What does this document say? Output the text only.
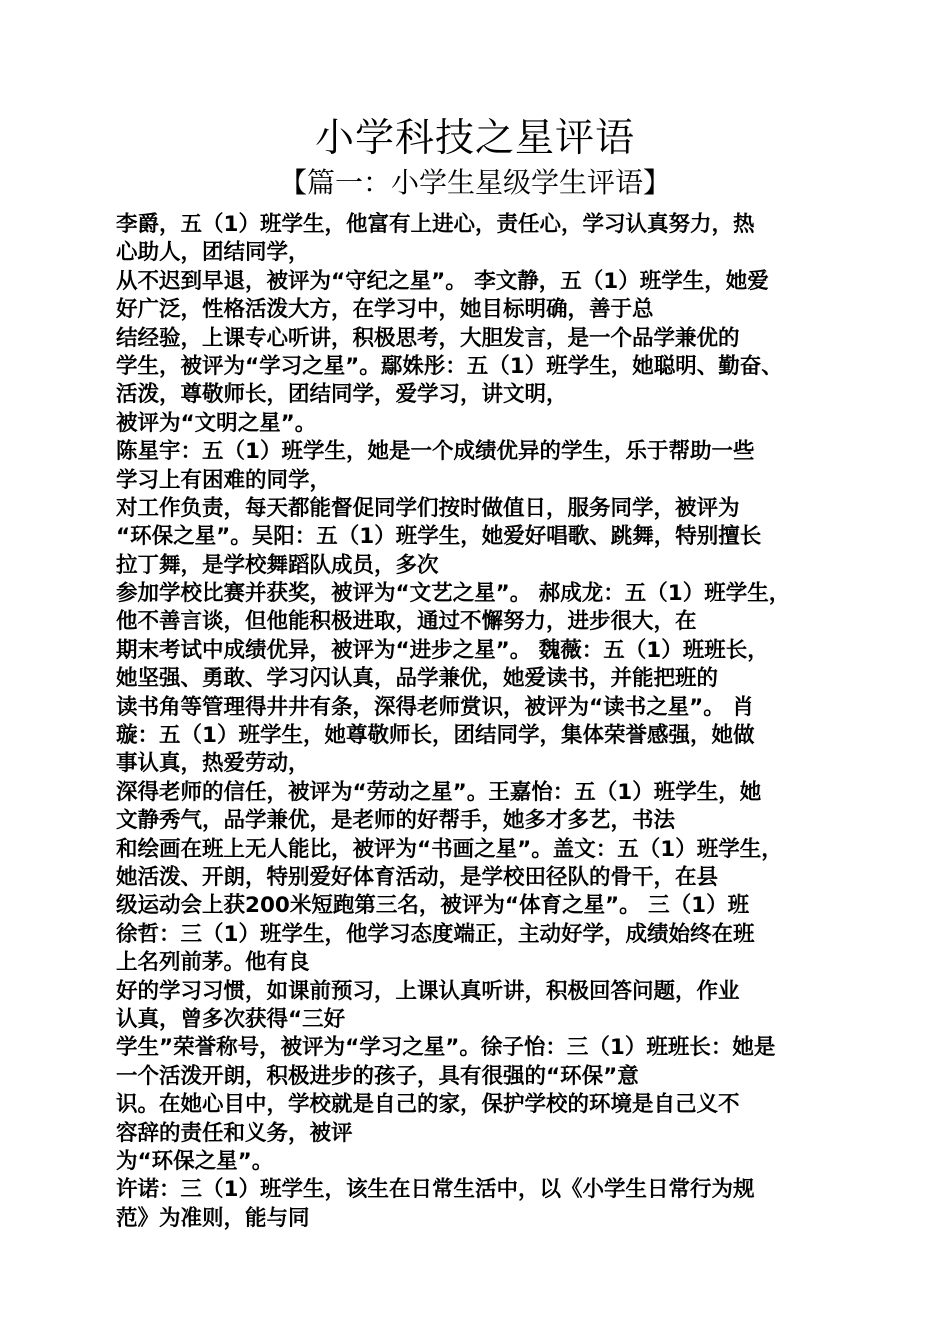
小学科技之星评语
【篇一：小学生星级学生评语】
李爵，五（1）班学生，他富有上进心，责任心，学习认真努力，热
心助人，团结同学，
从不迟到早退，被评为“守纪之星”。 李文静，五（1）班学生，她爱
好广泛，性格活泼大方，在学习中，她目标明确，善于总
结经验，上课专心听讲，积极思考，大胆发言，是一个品学兼优的
学生，被评为“学习之星”。鄢姝彤：五（1）班学生，她聪明、勤奋、
活泼，尊敬师长，团结同学，爱学习，讲文明，
被评为“文明之星”。
陈星宇：五（1）班学生，她是一个成绩优异的学生，乐于帮助一些
学习上有困难的同学，
对工作负责，每天都能督促同学们按时做值日，服务同学，被评为
“环保之星”。吴阳：五（1）班学生，她爱好唱歌、跳舞，特别擅长
拉丁舞，是学校舞蹈队成员，多次
参加学校比赛并获奖，被评为“文艺之星”。 郝成龙：五（1）班学生，
他不善言谈，但他能积极进取，通过不懈努力，进步很大，在
期末考试中成绩优异，被评为“进步之星”。 魏薇：五（1）班班长，
她坚强、勇敢、学习闪认真，品学兼优，她爱读书，并能把班的
读书角等管理得井井有条，深得老师赏识，被评为“读书之星”。 肖
璇：五（1）班学生，她尊敬师长，团结同学，集体荣誉感强，她做
事认真，热爱劳动，
深得老师的信任，被评为“劳动之星”。王嘉怡：五（1）班学生，她
文静秀气，品学兼优，是老师的好帮手，她多才多艺，书法
和绘画在班上无人能比，被评为“书画之星”。盖文：五（1）班学生，
她活泼、开朗，特别爱好体育活动，是学校田径队的骨干，在县
级运动会上获200米短跑第三名，被评为“体育之星”。 三（1）班
徐哲：三（1）班学生，他学习态度端正，主动好学，成绩始终在班
上名列前茅。他有良
好的学习习惯，如课前预习，上课认真听讲，积极回答问题，作业
认真，曾多次获得“三好
学生”荣誉称号，被评为“学习之星”。徐子怡：三（1）班班长：她是
一个活泼开朗，积极进步的孩子，具有很强的“环保”意
识。在她心目中，学校就是自己的家，保护学校的环境是自己义不
容辞的责任和义务，被评
为“环保之星”。
许诺：三（1）班学生，该生在日常生活中，以《小学生日常行为规
范》为准则，能与同
